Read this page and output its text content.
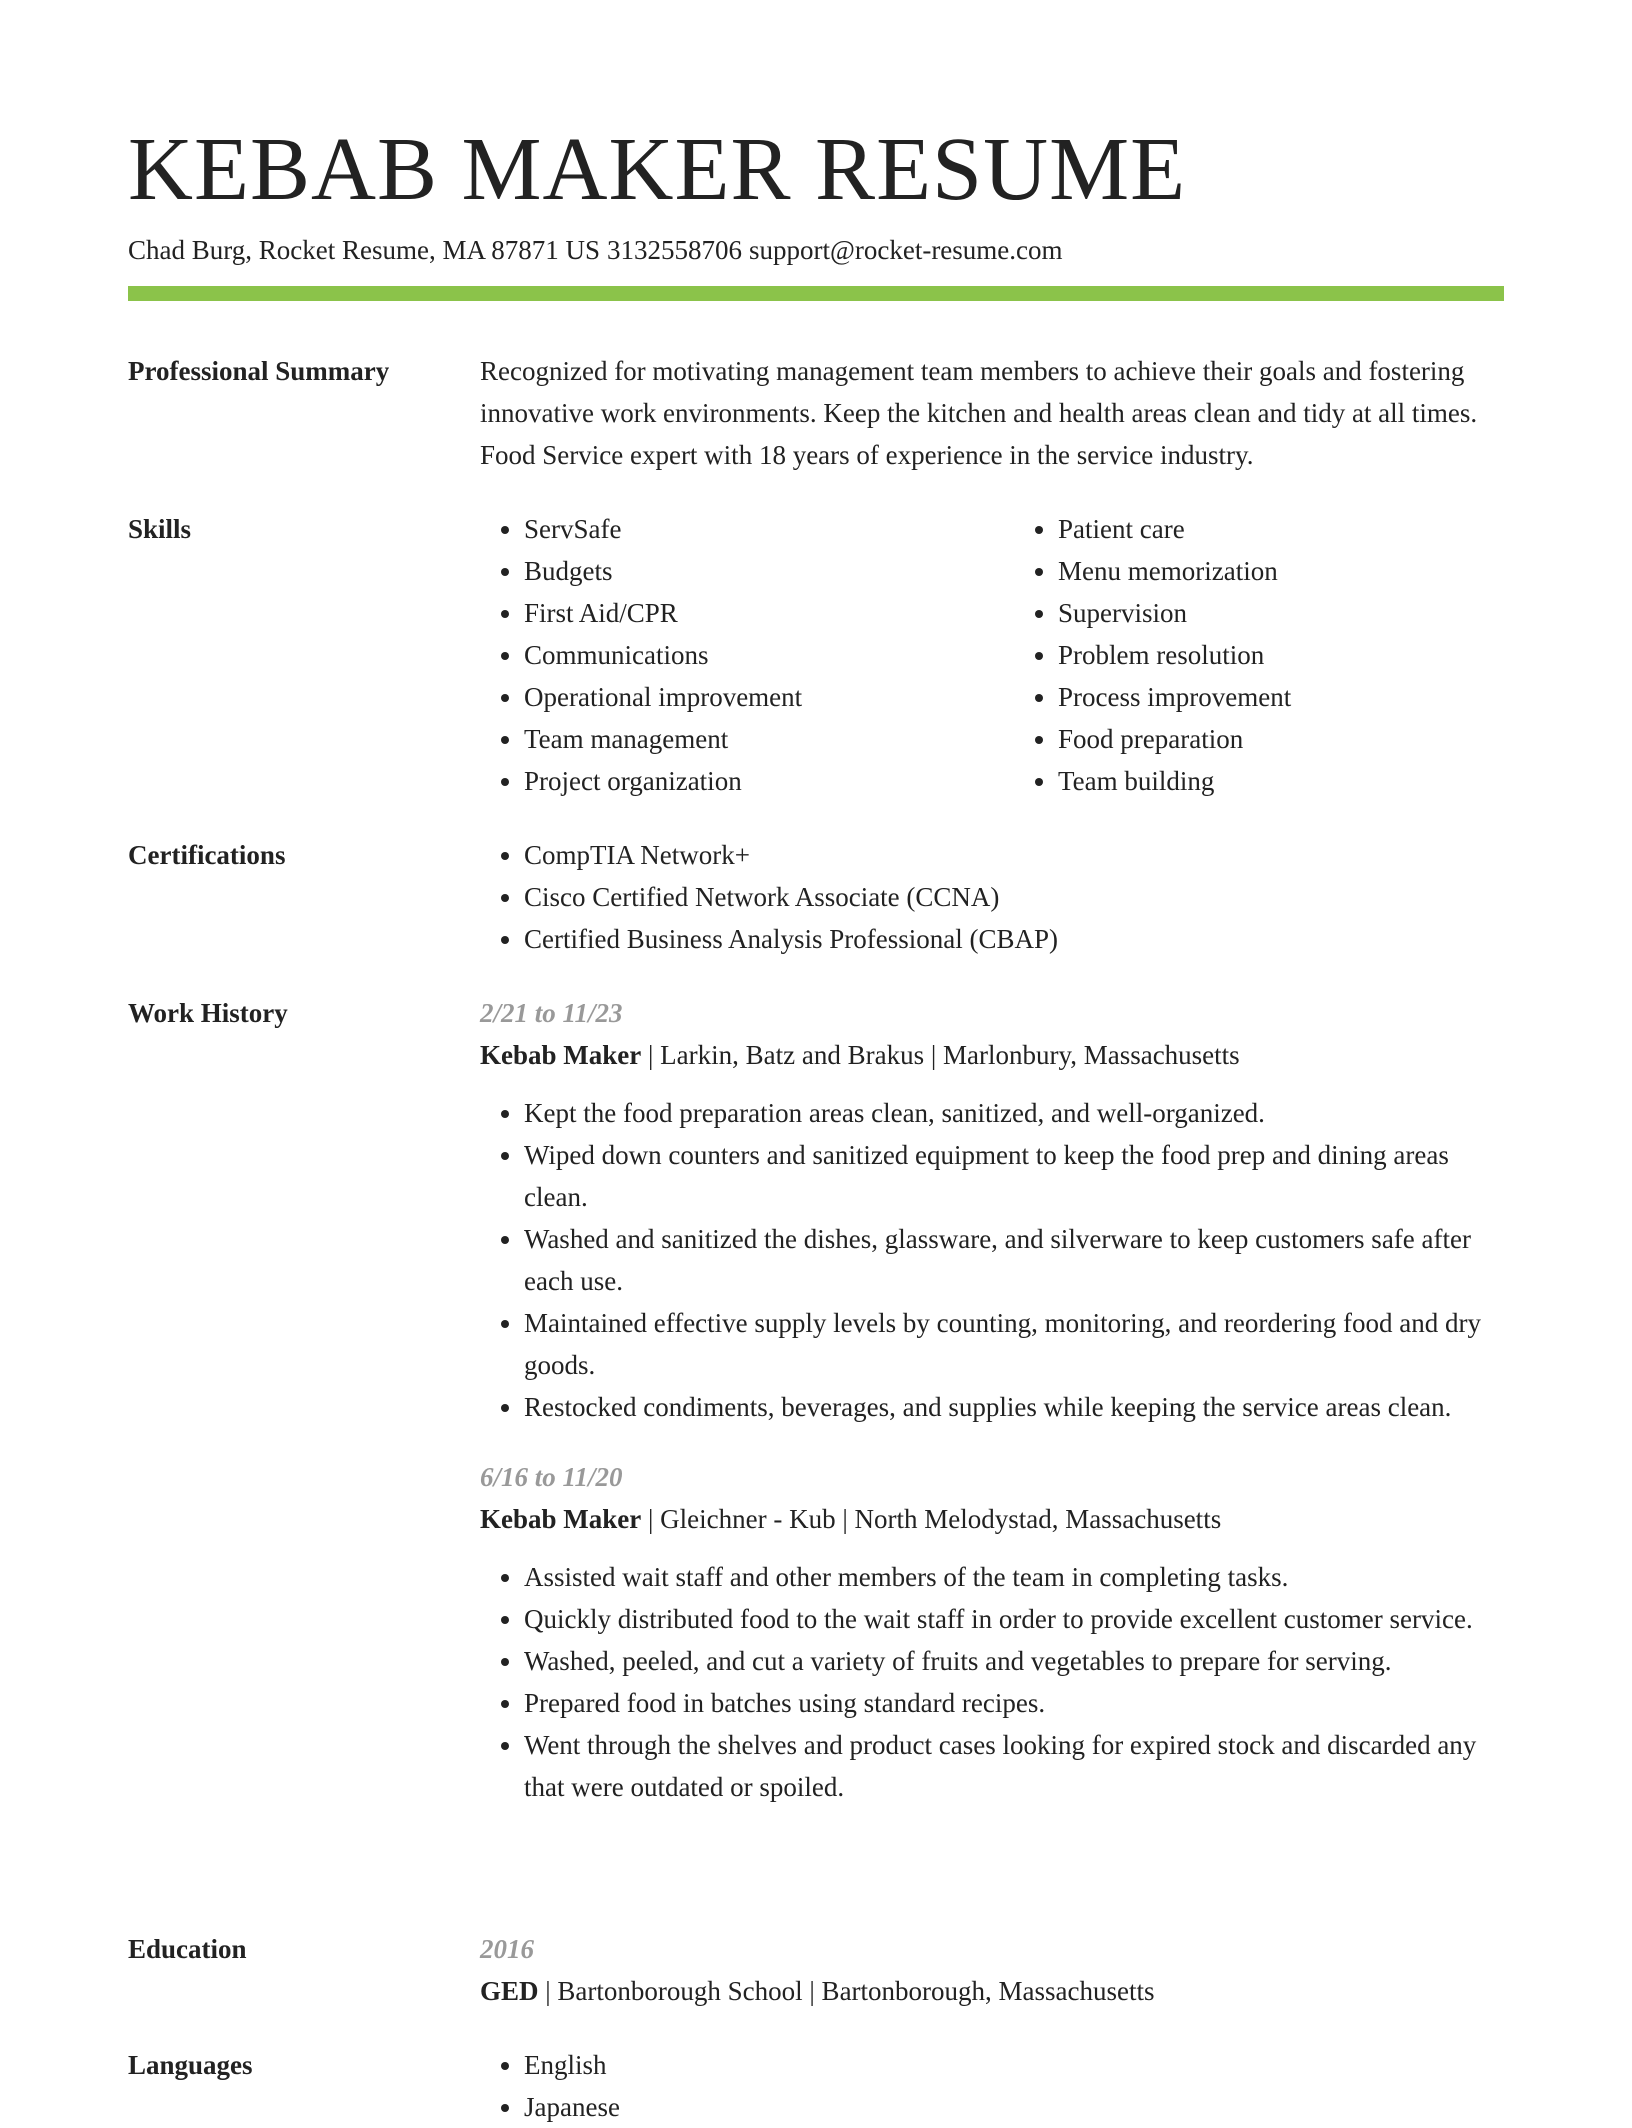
KEBAB MAKER RESUME
Chad Burg, Rocket Resume, MA 87871 US 3132558706 support@rocket-resume.com
Professional Summary	Recognized for motivating management team members to achieve their goals and fostering innovative work environments. Keep the kitchen and health areas clean and tidy at all times. Food Service expert with 18 years of experience in the service industry.
Skills	• ServSafe
• Budgets
• First Aid/CPR
• Communications
• Operational improvement
• Team management
• Project organization
• Patient care
• Menu memorization
• Supervision
• Problem resolution
• Process improvement
• Food preparation
• Team building
Certifications	• CompTIA Network+
• Cisco Certified Network Associate (CCNA)
• Certified Business Analysis Professional (CBAP)
Work History	2/21 to 11/23
Kebab Maker | Larkin, Batz and Brakus | Marlonbury, Massachusetts
• Kept the food preparation areas clean, sanitized, and well-organized.
• Wiped down counters and sanitized equipment to keep the food prep and dining areas clean.
• Washed and sanitized the dishes, glassware, and silverware to keep customers safe after each use.
• Maintained effective supply levels by counting, monitoring, and reordering food and dry goods.
• Restocked condiments, beverages, and supplies while keeping the service areas clean.
6/16 to 11/20
Kebab Maker | Gleichner - Kub | North Melodystad, Massachusetts
• Assisted wait staff and other members of the team in completing tasks.
• Quickly distributed food to the wait staff in order to provide excellent customer service.
• Washed, peeled, and cut a variety of fruits and vegetables to prepare for serving.
• Prepared food in batches using standard recipes.
• Went through the shelves and product cases looking for expired stock and discarded any that were outdated or spoiled.
Education	2016
GED | Bartonborough School | Bartonborough, Massachusetts
Languages	• English
• Japanese
